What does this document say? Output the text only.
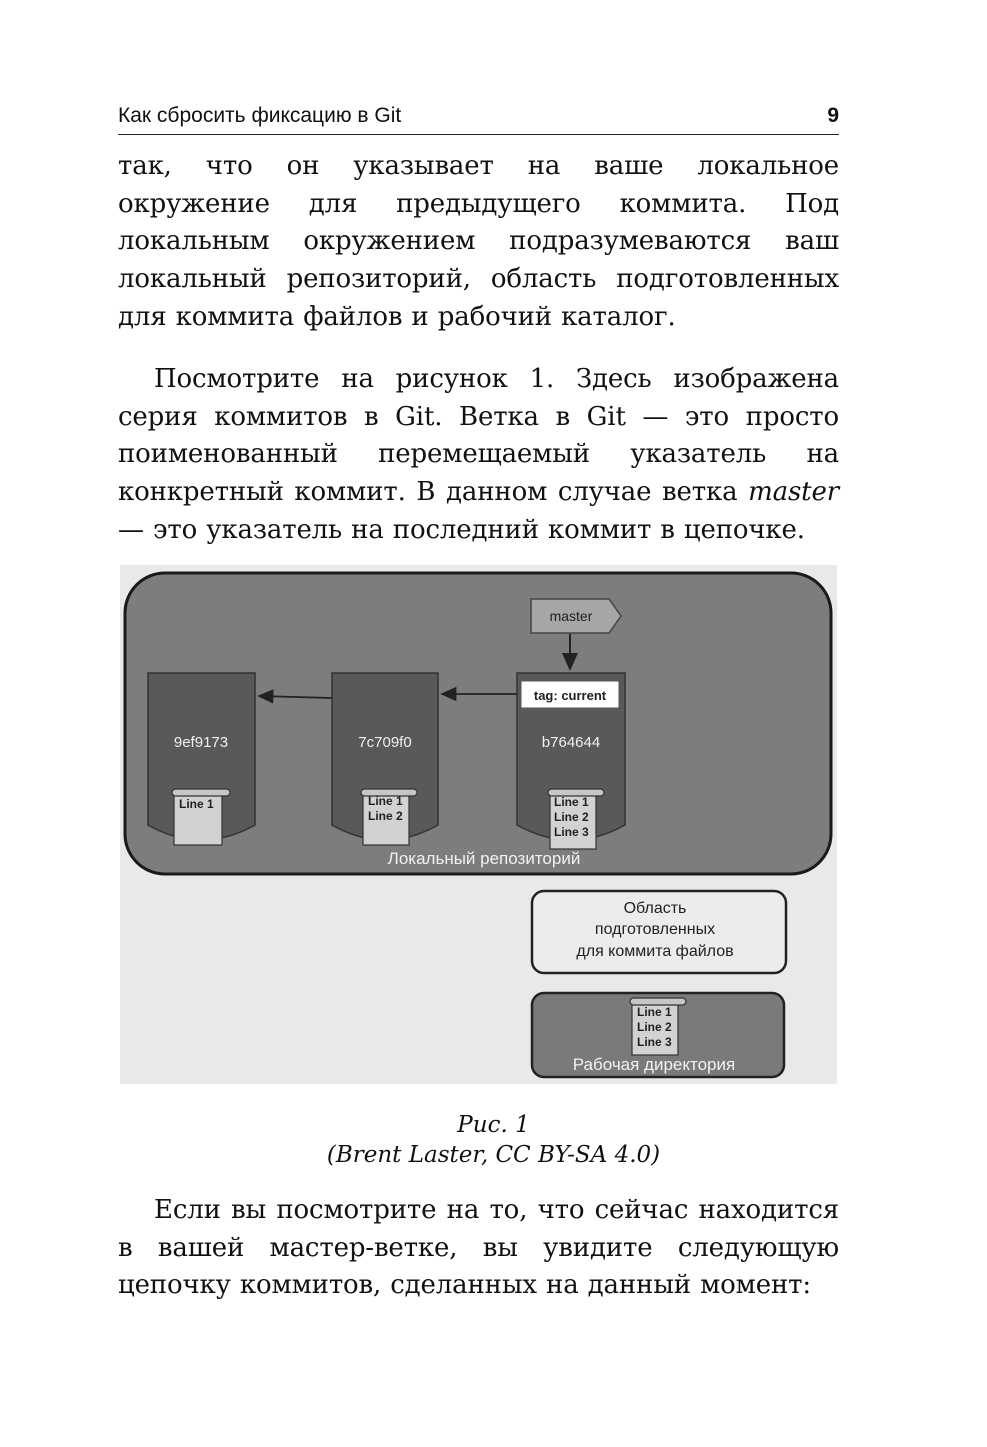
Как сбросить фиксацию в Git	9
так, что он указывает на ваше локальное окружение для предыдущего коммита. Под локальным окружением подразумеваются ваш локальный репозиторий, область подготовленных для коммита файлов и рабочий каталог.
Посмотрите на рисунок 1. Здесь изображена серия коммитов в Git. Ветка в Git — это просто поименованный перемещаемый указатель на конкретный коммит. В данном случае ветка master — это указатель на последний коммит в цепочке.
master
9ef9173
Line 1
7c709f0
Line 1
Line 2
tag: current
b764644
Line 1
Line 2
Line 3
Локальный репозиторий
Область
подготовленных
для коммита файлов
Line 1
Line 2
Line 3
Рабочая директория
Рис. 1
(Brent Laster, CC BY-SA 4.0)
Если вы посмотрите на то, что сейчас находится в вашей мастер-ветке, вы увидите следующую цепочку коммитов, сделанных на данный момент:
